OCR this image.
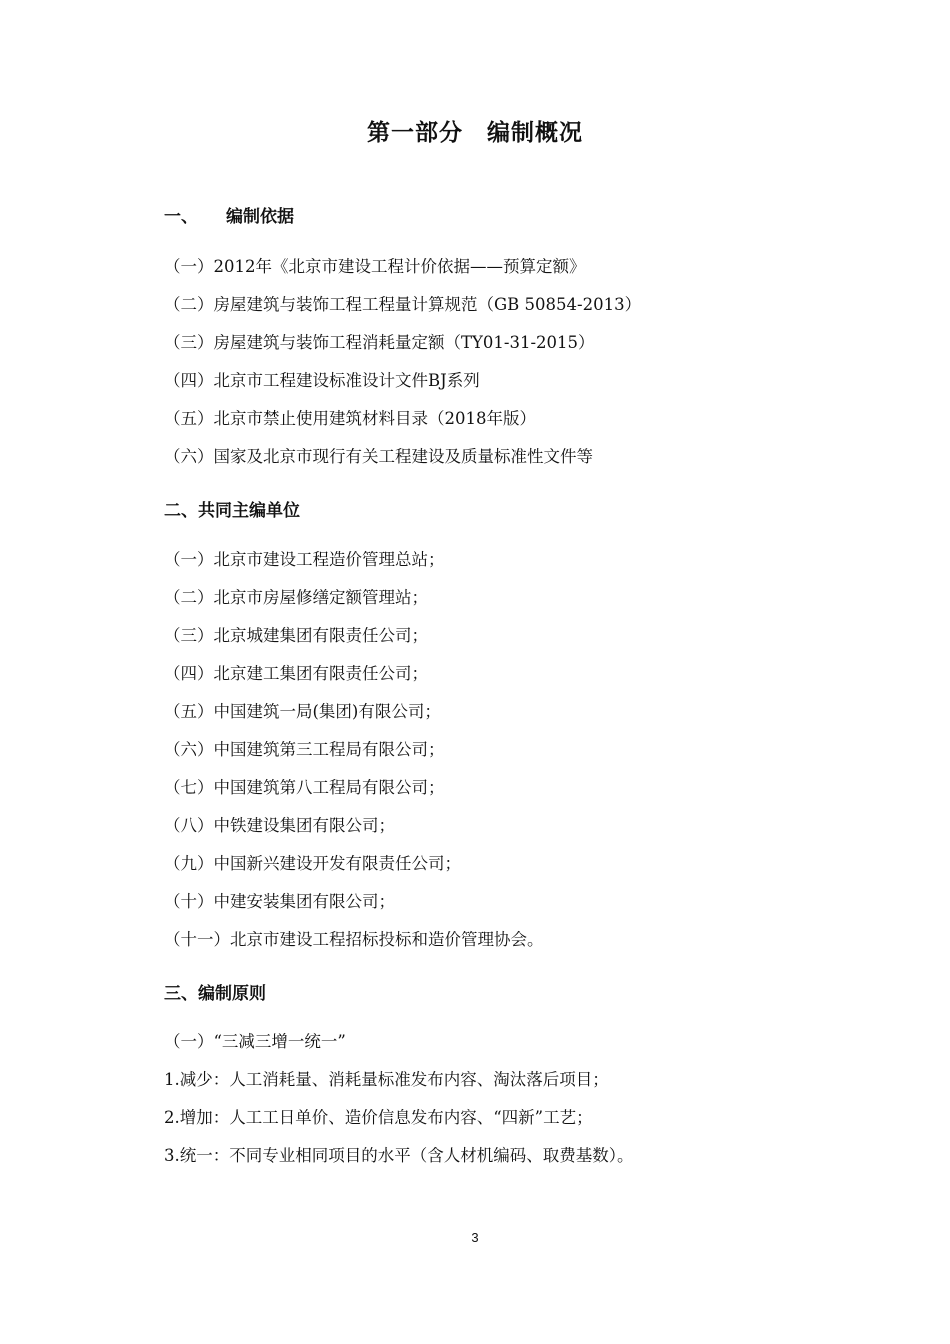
第一部分　编制概况
一、 编制依据

（一）2012年《北京市建设工程计价依据——预算定额》

（二）房屋建筑与装饰工程工程量计算规范（GB 50854-2013）

（三）房屋建筑与装饰工程消耗量定额（TY01-31-2015）

（四）北京市工程建设标准设计文件BJ系列

（五）北京市禁止使用建筑材料目录（2018年版）

（六）国家及北京市现行有关工程建设及质量标准性文件等

二、共同主编单位

（一）北京市建设工程造价管理总站；

（二）北京市房屋修缮定额管理站；

（三）北京城建集团有限责任公司；

（四）北京建工集团有限责任公司；

（五）中国建筑一局(集团)有限公司；

（六）中国建筑第三工程局有限公司；

（七）中国建筑第八工程局有限公司；

（八）中铁建设集团有限公司；

（九）中国新兴建设开发有限责任公司；

（十）中建安装集团有限公司；

（十一）北京市建设工程招标投标和造价管理协会。

三、编制原则

（一）“三减三增一统一”

1.减少：人工消耗量、消耗量标准发布内容、淘汰落后项目；

2.增加：人工工日单价、造价信息发布内容、“四新”工艺；

3.统一：不同专业相同项目的水平（含人材机编码、取费基数）。

3
